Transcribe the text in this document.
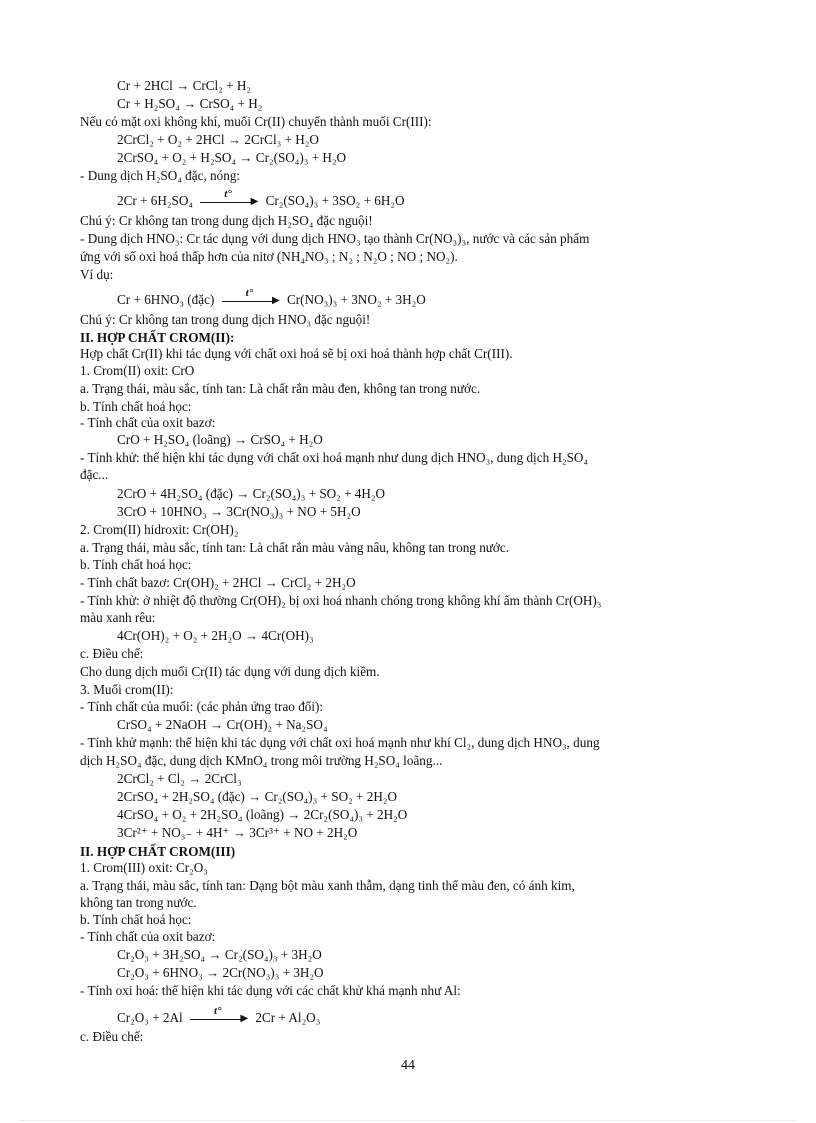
Cr + 2HCl → CrCl₂ + H₂
Cr + H₂SO₄ → CrSO₄ + H₂
Nếu có mặt oxi không khí, muối Cr(II) chuyển thành muối Cr(III):
2CrCl₂ + O₂ + 2HCl → 2CrCl₃ + H₂O
2CrSO₄ + O₂ + H₂SO₄ → Cr₂(SO₄)₃ + H₂O
- Dung dịch H₂SO₄ đặc, nóng:
2Cr + 6H₂SO₄	t°
▶ Cr₂(SO₄)₃ + 3SO₂ + 6H₂O
Chú ý: Cr không tan trong dung dịch H₂SO₄ đặc nguội!
- Dung dịch HNO₃: Cr tác dụng với dung dịch HNO₃ tạo thành Cr(NO₃)₃, nước và các sản phẩm
ứng với số oxi hoá thấp hơn của nitơ (NH₄NO₃ ; N₂ ; N₂O ; NO ; NO₂).
Ví dụ:
Cr + 6HNO₃ (đặc)	t°
▶ Cr(NO₃)₃ + 3NO₂ + 3H₂O
Chú ý: Cr không tan trong dung dịch HNO₃ đặc nguội!
II. HỢP CHẤT CROM(II):
Hợp chất Cr(II) khi tác dụng với chất oxi hoá sẽ bị oxi hoá thành hợp chất Cr(III).
1. Crom(II) oxit: CrO
a. Trạng thái, màu sắc, tính tan: Là chất rắn màu đen, không tan trong nước.
b. Tính chất hoá học:
- Tính chất của oxit bazơ:
CrO + H₂SO₄ (loãng) → CrSO₄ + H₂O
- Tính khử: thể hiện khi tác dụng với chất oxi hoá mạnh như dung dịch HNO₃, dung dịch H₂SO₄
đặc...
2CrO + 4H₂SO₄ (đặc) → Cr₂(SO₄)₃ + SO₂ + 4H₂O
3CrO + 10HNO₃ → 3Cr(NO₃)₃ + NO + 5H₂O
2. Crom(II) hidroxit: Cr(OH)₂
a. Trạng thái, màu sắc, tính tan: Là chất rắn màu vàng nâu, không tan trong nước.
b. Tính chất hoá học:
- Tính chất bazơ: Cr(OH)₂ + 2HCl → CrCl₂ + 2H₂O
- Tính khử: ở nhiệt độ thường Cr(OH)₂ bị oxi hoá nhanh chóng trong không khí ẩm thành Cr(OH)₃
màu xanh rêu:
4Cr(OH)₂ + O₂ + 2H₂O → 4Cr(OH)₃
c. Điều chế:
Cho dung dịch muối Cr(II) tác dụng với dung dịch kiềm.
3. Muối crom(II):
- Tính chất của muối: (các phản ứng trao đổi):
CrSO₄ + 2NaOH → Cr(OH)₂ + Na₂SO₄
- Tính khử mạnh: thể hiện khi tác dụng với chất oxi hoá mạnh như khí Cl₂, dung dịch HNO₃, dung
dịch H₂SO₄ đặc, dung dịch KMnO₄ trong môi trường H₂SO₄ loãng...
2CrCl₂ + Cl₂ → 2CrCl₃
2CrSO₄ + 2H₂SO₄ (đặc) → Cr₂(SO₄)₃ + SO₂ + 2H₂O
4CrSO₄ + O₂ + 2H₂SO₄ (loãng) → 2Cr₂(SO₄)₃ + 2H₂O
3Cr²⁺ + NO₃₋ + 4H⁺ → 3Cr³⁺ + NO + 2H₂O
II. HỢP CHẤT CROM(III)
1. Crom(III) oxit: Cr₂O₃
a. Trạng thái, màu sắc, tính tan: Dạng bột màu xanh thẫm, dạng tinh thể màu đen, có ánh kim,
không tan trong nước.
b. Tính chất hoá học:
- Tính chất của oxit bazơ:
Cr₂O₃ + 3H₂SO₄ → Cr₂(SO₄)₃ + 3H₂O
Cr₂O₃ + 6HNO₃ → 2Cr(NO₃)₃ + 3H₂O
- Tính oxi hoá: thể hiện khi tác dụng với các chất khử khá mạnh như Al:
Cr₂O₃ + 2Al	t°
▶ 2Cr + Al₂O₃
c. Điều chế:
44
